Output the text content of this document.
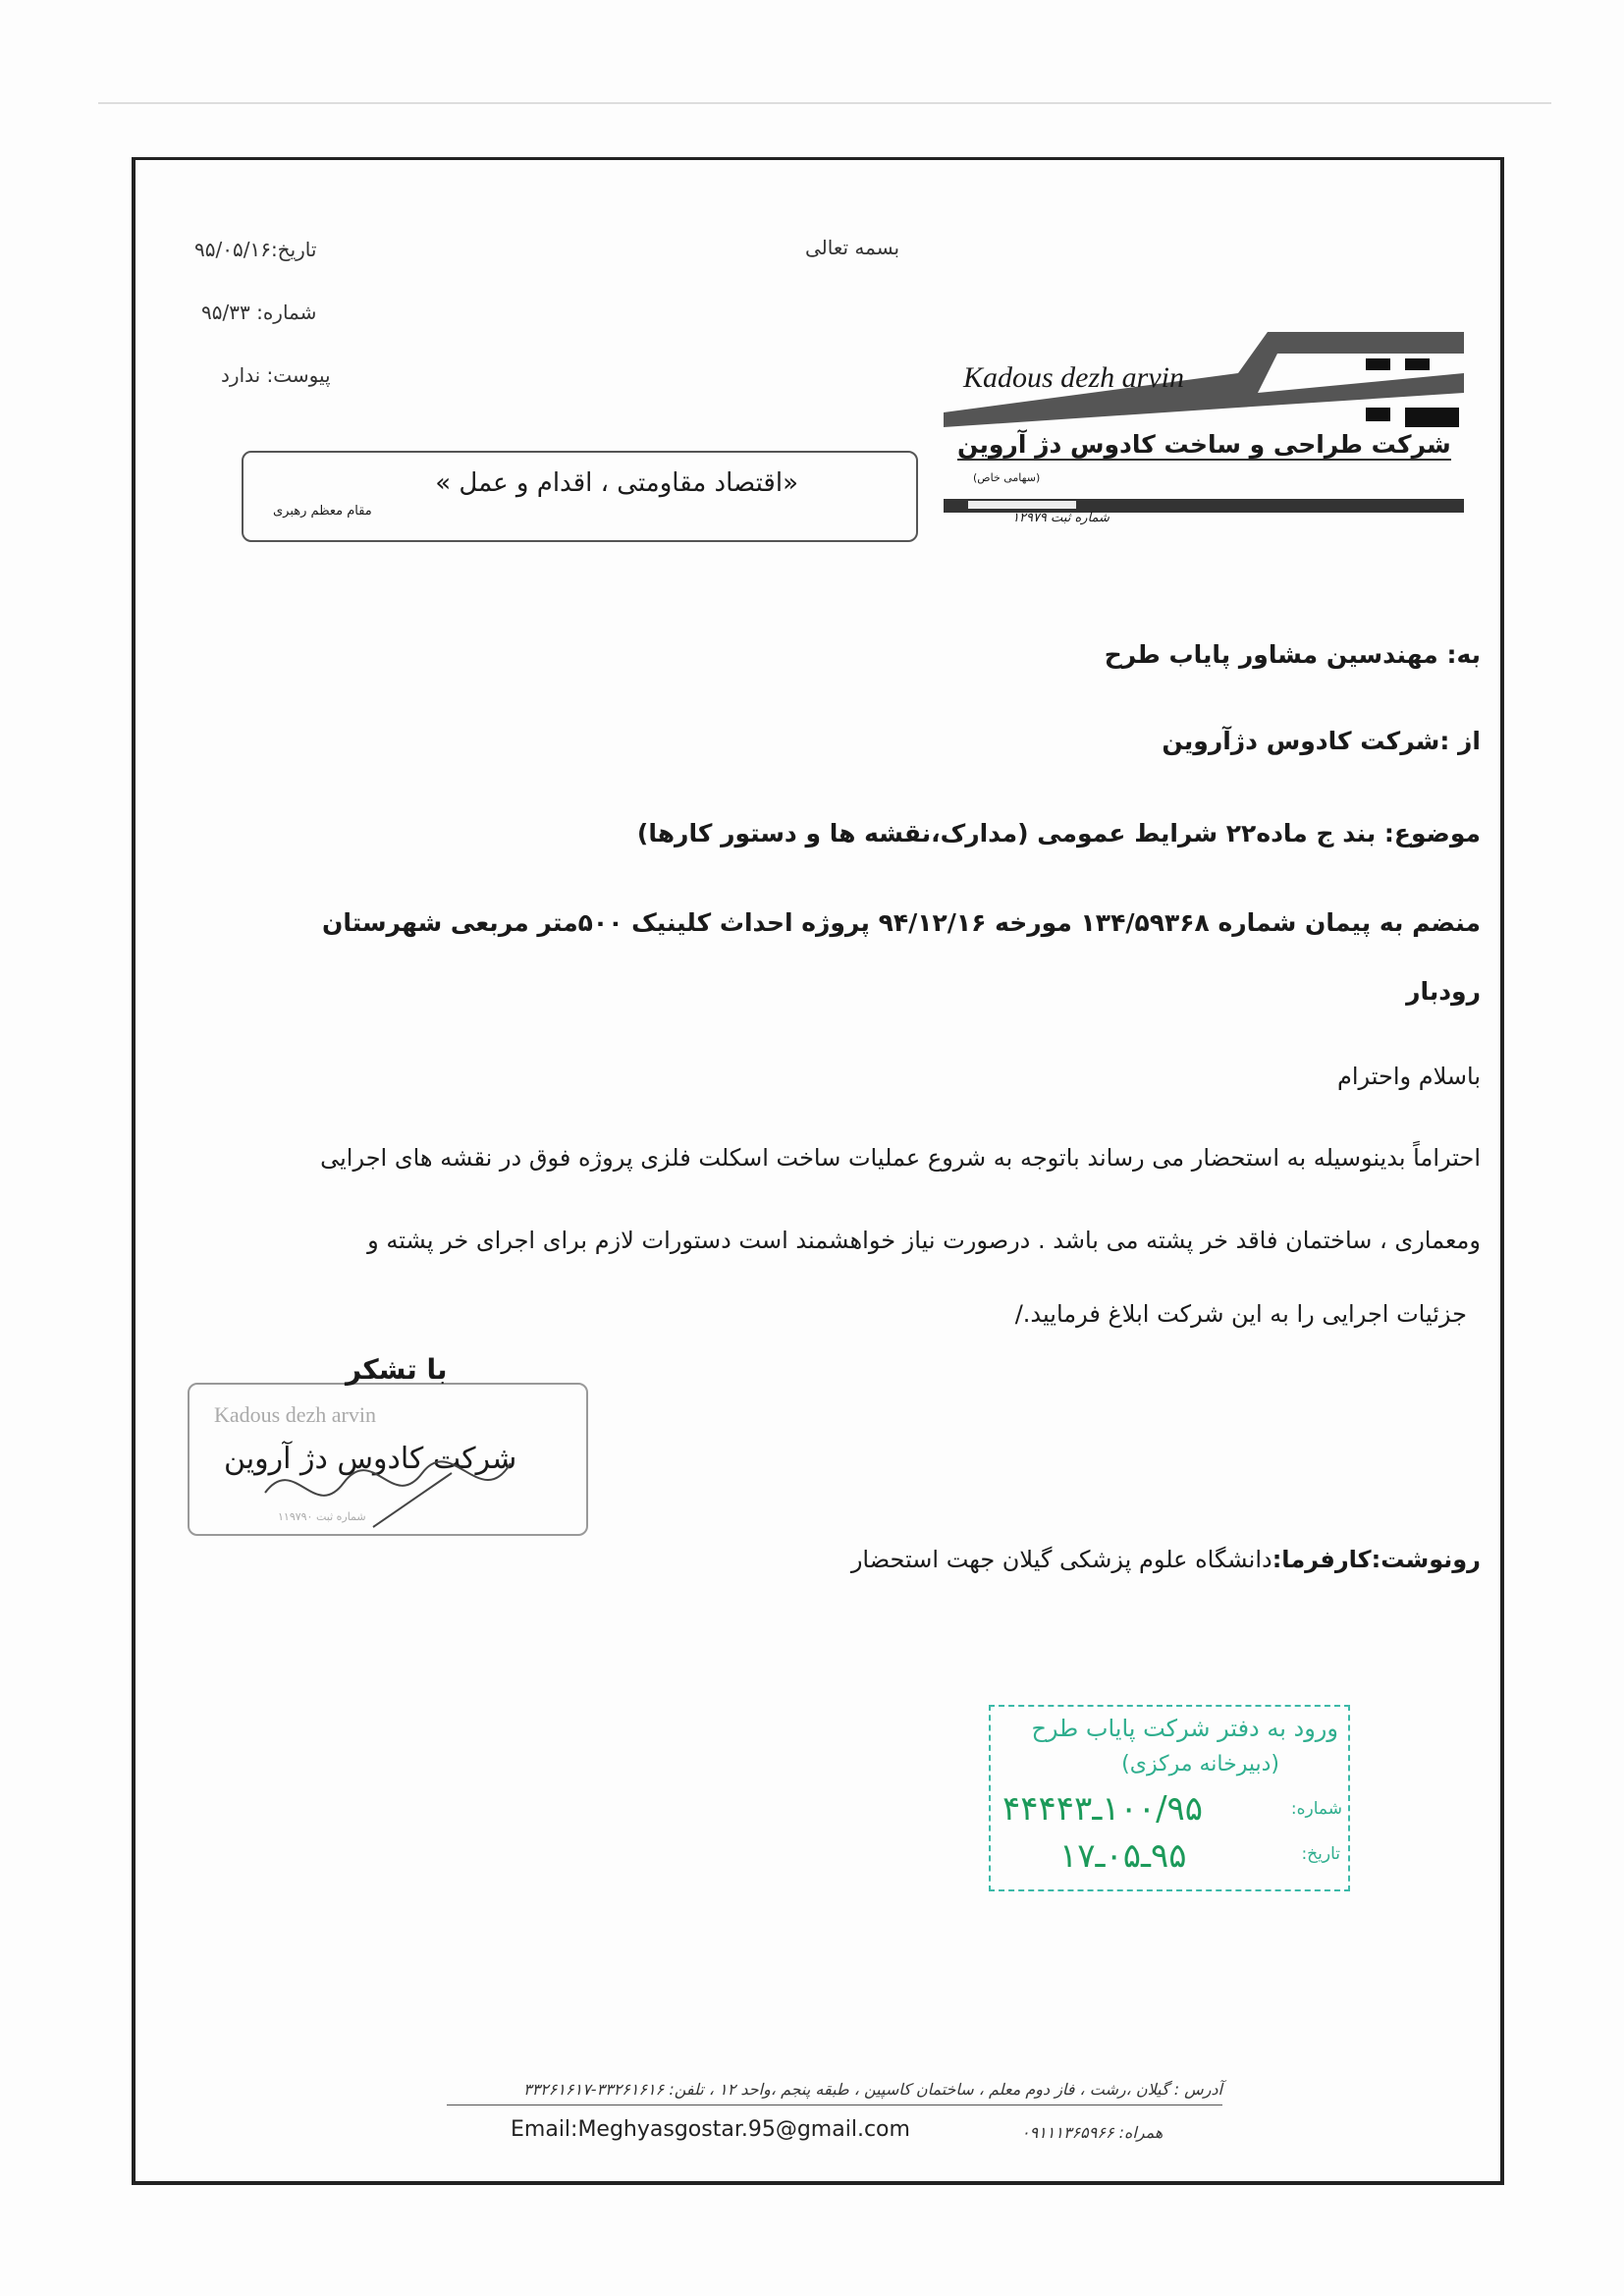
بسمه تعالی
تاریخ:۹۵/۰۵/۱۶
شماره: ۹۵/۳۳
پیوست: ندارد
«اقتصاد مقاومتی ، اقدام و عمل »
مقام معظم رهبری
Kadous dezh arvin
شرکت طراحی و ساخت کادوس دژ آروین
(سهامی خاص)
شماره ثبت ۱۲۹۷۹
به: مهندسین مشاور پایاب طرح
از :شرکت کادوس دژآروین
موضوع: بند ج ماده۲۲ شرایط عمومی (مدارک،نقشه ها و دستور کارها)
منضم به پیمان شماره ۱۳۴/۵۹۳۶۸ مورخه ۹۴/۱۲/۱۶ پروژه احداث کلینیک ۵۰۰متر مربعی شهرستان
رودبار
باسلام واحترام
احتراماً بدینوسیله به استحضار می رساند باتوجه به شروع عملیات ساخت اسکلت فلزی پروژه فوق در نقشه های اجرایی
ومعماری ، ساختمان فاقد خر پشته می باشد . درصورت نیاز خواهشمند است دستورات لازم برای اجرای خر پشته و
جزئیات اجرایی را به این شرکت ابلاغ فرمایید./
Kadous dezh arvin
شماره ثبت ۱۱۹۷۹۰
با تشکر
شرکت کادوس دژ آروین
رونوشت:کارفرما:دانشگاه علوم پزشکی گیلان جهت استحضار
ورود به دفتر شرکت پایاب طرح
(دبیرخانه مرکزی)
شماره:
۱۰۰/۹۵ـ۴۴۴۴۳
تاریخ:
۹۵ـ۰۵ـ۱۷
آدرس : گیلان ،رشت ، فاز دوم معلم ، ساختمان کاسپین ، طبقه پنجم ،واحد ۱۲ ، تلفن: ۳۳۲۶۱۶۱۶-۳۳۲۶۱۶۱۷
Email:Meghyasgostar.95@gmail.com	همراه: ۰۹۱۱۱۳۶۵۹۶۶
